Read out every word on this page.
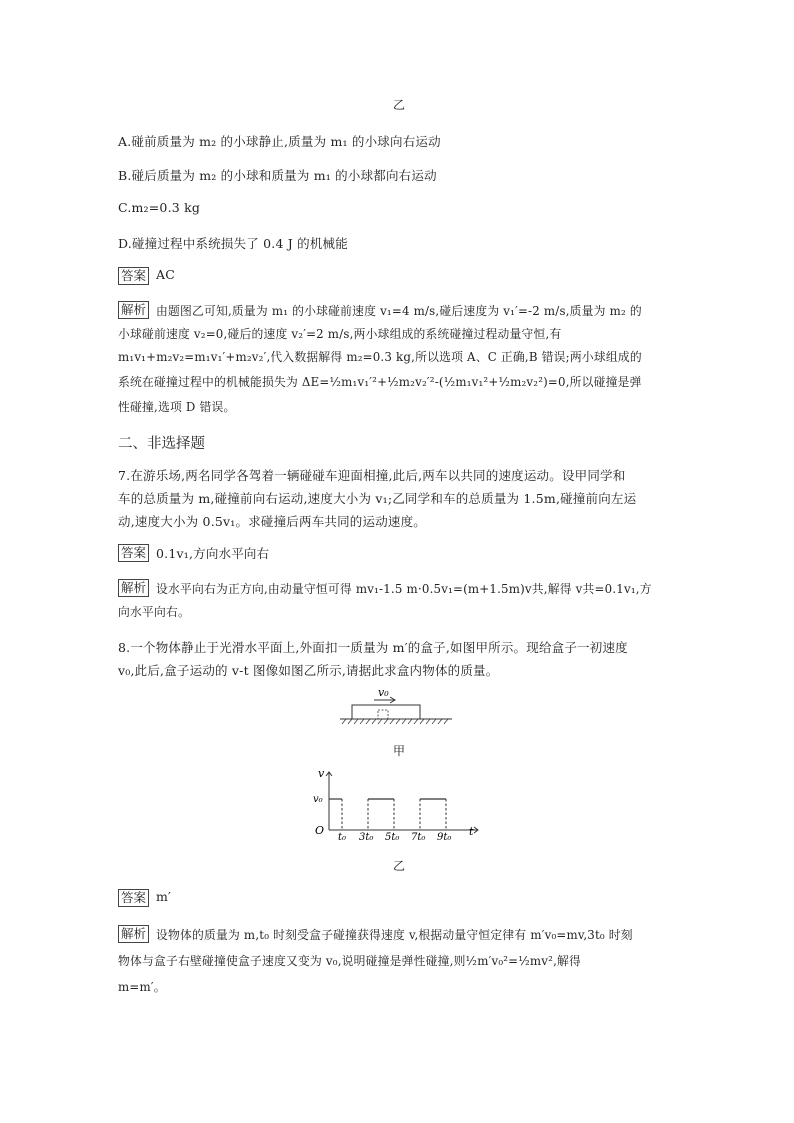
乙
A.碰前质量为 m₂ 的小球静止,质量为 m₁ 的小球向右运动
B.碰后质量为 m₂ 的小球和质量为 m₁ 的小球都向右运动
C.m₂=0.3 kg
D.碰撞过程中系统损失了 0.4 J 的机械能
答案 AC
解析 由题图乙可知,质量为 m₁ 的小球碰前速度 v₁=4 m/s,碰后速度为 v₁′=-2 m/s,质量为 m₂ 的
小球碰前速度 v₂=0,碰后的速度 v₂′=2 m/s,两小球组成的系统碰撞过程动量守恒,有
m₁v₁+m₂v₂=m₁v₁′+m₂v₂′,代入数据解得 m₂=0.3 kg,所以选项 A、C 正确,B 错误;两小球组成的
系统在碰撞过程中的机械能损失为 ΔE=½m₁v₁′²+½m₂v₂′²-(½m₁v₁²+½m₂v₂²)=0,所以碰撞是弹
性碰撞,选项 D 错误。
二、非选择题
7.在游乐场,两名同学各驾着一辆碰碰车迎面相撞,此后,两车以共同的速度运动。设甲同学和
车的总质量为 m,碰撞前向右运动,速度大小为 v₁;乙同学和车的总质量为 1.5m,碰撞前向左运
动,速度大小为 0.5v₁。求碰撞后两车共同的运动速度。
答案 0.1v₁,方向水平向右
解析 设水平向右为正方向,由动量守恒可得 mv₁-1.5 m·0.5v₁=(m+1.5m)v共,解得 v共=0.1v₁,方
向水平向右。
8.一个物体静止于光滑水平面上,外面扣一质量为 m′的盒子,如图甲所示。现给盒子一初速度
v₀,此后,盒子运动的 v-t 图像如图乙所示,请据此求盒内物体的质量。
v₀
甲
v
t
O
v₀
t₀ 3t₀ 5t₀ 7t₀ 9t₀
乙
答案 m′
解析 设物体的质量为 m,t₀ 时刻受盒子碰撞获得速度 v,根据动量守恒定律有 m′v₀=mv,3t₀ 时刻
物体与盒子右壁碰撞使盒子速度又变为 v₀,说明碰撞是弹性碰撞,则½m′v₀²=½mv²,解得
m=m′。
